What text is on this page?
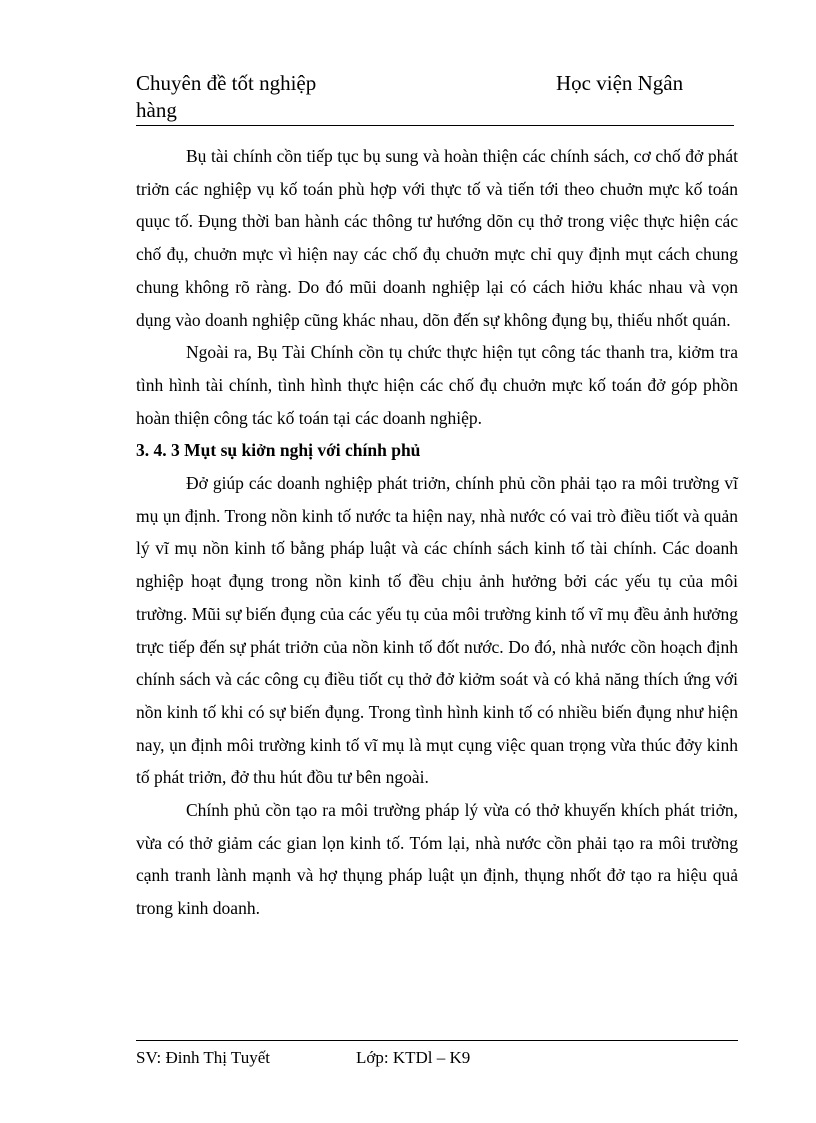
Chuyên đề tốt nghiệp	Học viện Ngân
hàng

Bụ tài chính cồn tiếp tục bụ sung và hoàn thiện các chính sách, cơ chố đở phát triởn các nghiệp vụ kố toán phù hợp với thực tố và tiến tới theo chuởn mực kố toán quục tố. Đụng thời ban hành các thông tư hướng dõn cụ thở trong việc thực hiện các chố đụ, chuởn mực vì hiện nay các chố đụ chuởn mực chỉ quy định mụt cách chung chung không rõ ràng. Do đó mũi doanh nghiệp lại có cách hiởu khác nhau và vọn dụng vào doanh nghiệp cũng khác nhau, dõn đến sự không đụng bụ, thiếu nhốt quán.

Ngoài ra, Bụ Tài Chính cồn tụ chức thực hiện tụt công tác thanh tra, kiởm tra tình hình tài chính, tình hình thực hiện các chố đụ chuởn mực kố toán đở góp phồn hoàn thiện công tác kố toán tại các doanh nghiệp.

3. 4. 3 Mụt sụ kiởn nghị với chính phủ

Đở giúp các doanh nghiệp phát triởn, chính phủ cồn phải tạo ra môi trường vĩ mụ ụn định. Trong nồn kinh tố nước ta hiện nay, nhà nước có vai trò điều tiốt và quản lý vĩ mụ nồn kinh tố bằng pháp luật và các chính sách kinh tố tài chính. Các doanh nghiệp hoạt đụng trong nồn kinh tố đều chịu ảnh hưởng bởi các yếu tụ của môi trường. Mũi sự biến đụng của các yếu tụ của môi trường kinh tố vĩ mụ đều ảnh hưởng trực tiếp đến sự phát triởn của nồn kinh tố đốt nước. Do đó, nhà nước cồn hoạch định chính sách và các công cụ điều tiốt cụ thở đở kiởm soát và có khả năng thích ứng với nồn kinh tố khi có sự biến đụng. Trong tình hình kinh tố có nhiều biến đụng như hiện nay, ụn định môi trường kinh tố vĩ mụ là mụt cụng việc quan trọng vừa thúc đởy kinh tố phát triởn, đở thu hút đồu tư bên ngoài.

Chính phủ cồn tạo ra môi trường pháp lý vừa có thở khuyến khích phát triởn, vừa có thở giảm các gian lọn kinh tố. Tóm lại, nhà nước cồn phải tạo ra môi trường cạnh tranh lành mạnh và hợ thụng pháp luật ụn định, thụng nhốt đở tạo ra hiệu quả trong kinh doanh.

SV: Đinh Thị Tuyết	Lớp: KTDl – K9
